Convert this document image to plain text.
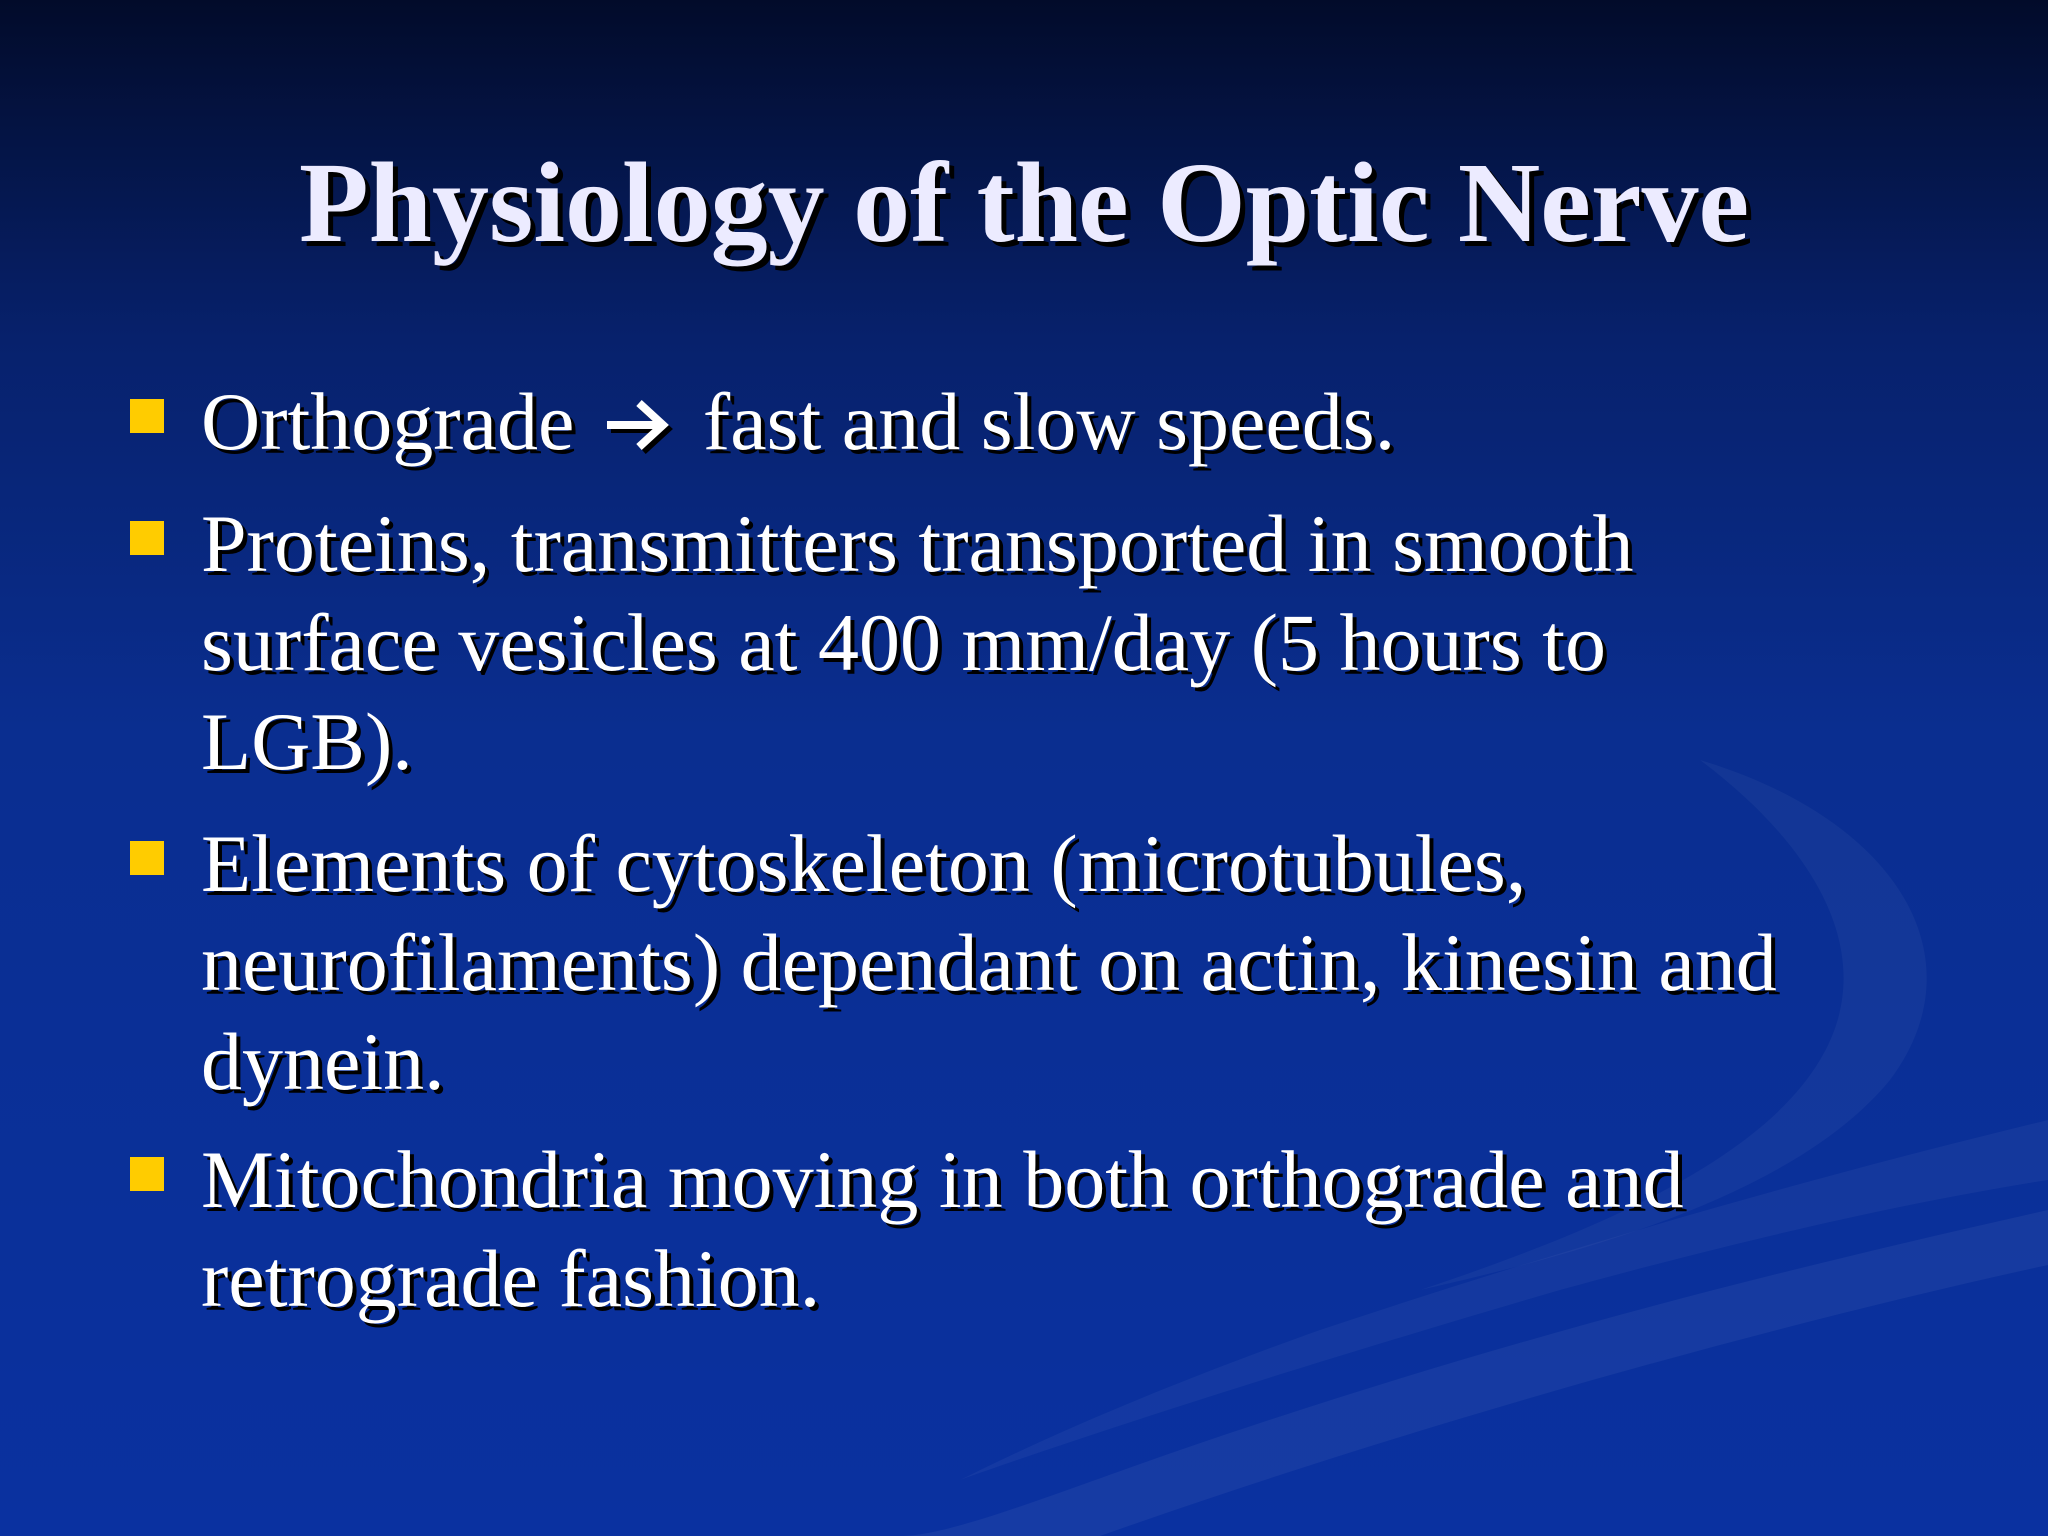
Physiology of the Optic Nerve
Orthograde fast and slow speeds.
Proteins, transmitters transported in smooth
surface vesicles at 400 mm/day (5 hours to
LGB).
Elements of cytoskeleton (microtubules,
neurofilaments) dependant on actin, kinesin and
dynein.
Mitochondria moving in both orthograde and
retrograde fashion.
